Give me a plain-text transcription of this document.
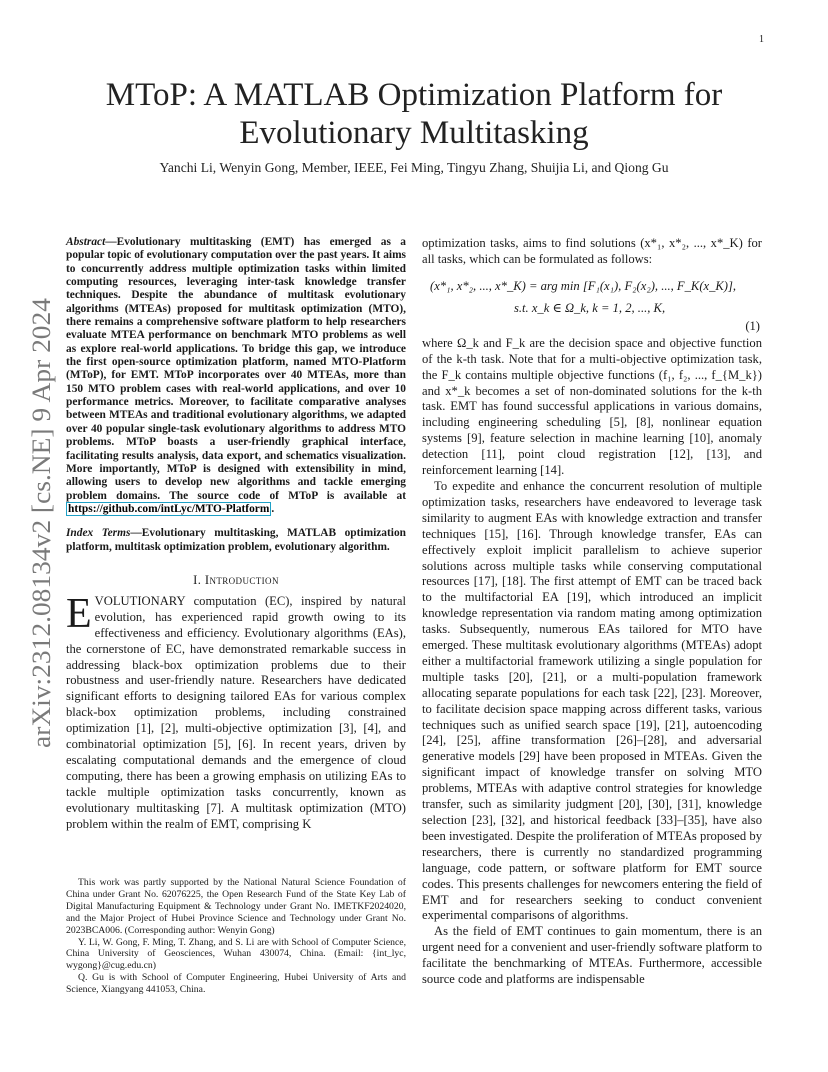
1
arXiv:2312.08134v2 [cs.NE] 9 Apr 2024
MToP: A MATLAB Optimization Platform for
Evolutionary Multitasking
Yanchi Li, Wenyin Gong, Member, IEEE, Fei Ming, Tingyu Zhang, Shuijia Li, and Qiong Gu

Abstract—Evolutionary multitasking (EMT) has emerged as a popular topic of evolutionary computation over the past years. It aims to concurrently address multiple optimization tasks within limited computing resources, leveraging inter-task knowledge transfer techniques. Despite the abundance of multitask evolutionary algorithms (MTEAs) proposed for multitask optimization (MTO), there remains a comprehensive software platform to help researchers evaluate MTEA performance on benchmark MTO problems as well as explore real-world applications. To bridge this gap, we introduce the first open-source optimization platform, named MTO-Platform (MToP), for EMT. MToP incorporates over 40 MTEAs, more than 150 MTO problem cases with real-world applications, and over 10 performance metrics. Moreover, to facilitate comparative analyses between MTEAs and traditional evolutionary algorithms, we adapted over 40 popular single-task evolutionary algorithms to address MTO problems. MToP boasts a user-friendly graphical interface, facilitating results analysis, data export, and schematics visualization. More importantly, MToP is designed with extensibility in mind, allowing users to develop new algorithms and tackle emerging problem domains. The source code of MToP is available at https://github.com/intLyc/MTO-Platform .

Index Terms—Evolutionary multitasking, MATLAB optimization platform, multitask optimization problem, evolutionary algorithm.

I. Introduction

EVOLUTIONARY computation (EC), inspired by natural evolution, has experienced rapid growth owing to its effectiveness and efficiency. Evolutionary algorithms (EAs), the cornerstone of EC, have demonstrated remarkable success in addressing black-box optimization problems due to their robustness and user-friendly nature. Researchers have dedicated significant efforts to designing tailored EAs for various complex black-box optimization problems, including constrained optimization [1], [2], multi-objective optimization [3], [4], and combinatorial optimization [5], [6]. In recent years, driven by escalating computational demands and the emergence of cloud computing, there has been a growing emphasis on utilizing EAs to tackle multiple optimization tasks concurrently, known as evolutionary multitasking [7]. A multitask optimization (MTO) problem within the realm of EMT, comprising K

This work was partly supported by the National Natural Science Foundation of China under Grant No. 62076225, the Open Research Fund of the State Key Lab of Digital Manufacturing Equipment & Technology under Grant No. IMETKF2024020, and the Major Project of Hubei Province Science and Technology under Grant No. 2023BCA006. (Corresponding author: Wenyin Gong)

Y. Li, W. Gong, F. Ming, T. Zhang, and S. Li are with School of Computer Science, China University of Geosciences, Wuhan 430074, China. (Email: {int_lyc, wygong}@cug.edu.cn)

Q. Gu is with School of Computer Engineering, Hubei University of Arts and Science, Xiangyang 441053, China.

optimization tasks, aims to find solutions (x*₁, x*₂, ..., x*_K) for all tasks, which can be formulated as follows:

(x*₁, x*₂, ..., x*_K) = arg min [F₁(x₁), F₂(x₂), ..., F_K(x_K)],
s.t. x_k ∈ Ω_k, k = 1, 2, ..., K,
(1)

where Ω_k and F_k are the decision space and objective function of the k-th task. Note that for a multi-objective optimization task, the F_k contains multiple objective functions (f₁, f₂, ..., f_{M_k}) and x*_k becomes a set of non-dominated solutions for the k-th task. EMT has found successful applications in various domains, including engineering scheduling [5], [8], nonlinear equation systems [9], feature selection in machine learning [10], anomaly detection [11], point cloud registration [12], [13], and reinforcement learning [14].

To expedite and enhance the concurrent resolution of multiple optimization tasks, researchers have endeavored to leverage task similarity to augment EAs with knowledge extraction and transfer techniques [15], [16]. Through knowledge transfer, EAs can effectively exploit implicit parallelism to achieve superior solutions across multiple tasks while conserving computational resources [17], [18]. The first attempt of EMT can be traced back to the multifactorial EA [19], which introduced an implicit knowledge representation via random mating among optimization tasks. Subsequently, numerous EAs tailored for MTO have emerged. These multitask evolutionary algorithms (MTEAs) adopt either a multifactorial framework utilizing a single population for multiple tasks [20], [21], or a multi-population framework allocating separate populations for each task [22], [23]. Moreover, to facilitate decision space mapping across different tasks, various techniques such as unified search space [19], [21], autoencoding [24], [25], affine transformation [26]–[28], and adversarial generative models [29] have been proposed in MTEAs. Given the significant impact of knowledge transfer on solving MTO problems, MTEAs with adaptive control strategies for knowledge transfer, such as similarity judgment [20], [30], [31], knowledge selection [23], [32], and historical feedback [33]–[35], have also been investigated. Despite the proliferation of MTEAs proposed by researchers, there is currently no standardized programming language, code pattern, or software platform for EMT source codes. This presents challenges for newcomers entering the field of EMT and for researchers seeking to conduct convenient experimental comparisons of algorithms.

As the field of EMT continues to gain momentum, there is an urgent need for a convenient and user-friendly software platform to facilitate the benchmarking of MTEAs. Furthermore, accessible source code and platforms are indispensable
